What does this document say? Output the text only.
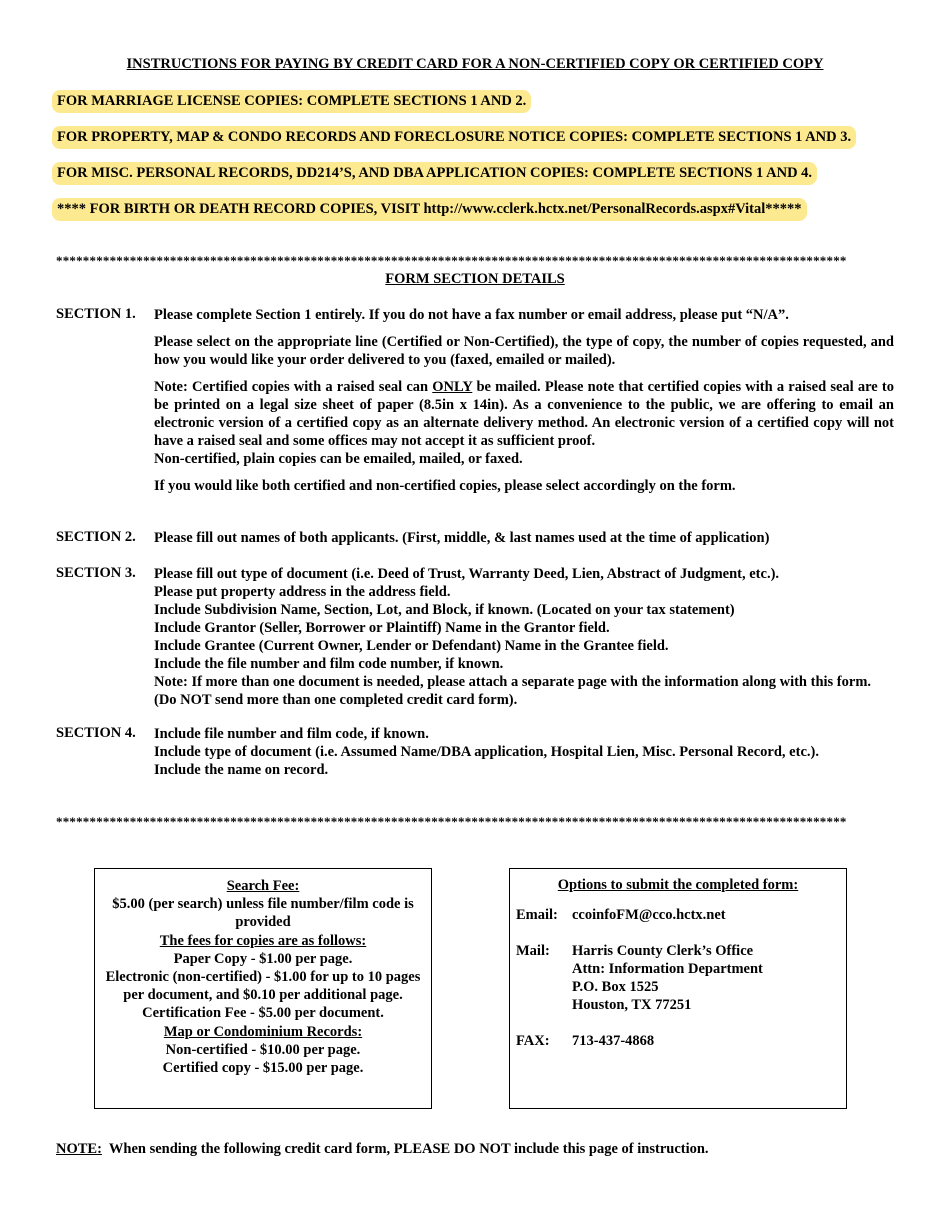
INSTRUCTIONS FOR PAYING BY CREDIT CARD FOR A NON-CERTIFIED COPY OR CERTIFIED COPY
FOR MARRIAGE LICENSE COPIES: COMPLETE SECTIONS 1 AND 2.
FOR PROPERTY, MAP & CONDO RECORDS AND FORECLOSURE NOTICE COPIES: COMPLETE SECTIONS 1 AND 3.
FOR MISC. PERSONAL RECORDS, DD214’S, AND DBA APPLICATION COPIES: COMPLETE SECTIONS 1 AND 4.
**** FOR BIRTH OR DEATH RECORD COPIES, VISIT http://www.cclerk.hctx.net/PersonalRecords.aspx#Vital*****
**********************************************************************************************************************
FORM SECTION DETAILS
SECTION 1. Please complete Section 1 entirely. If you do not have a fax number or email address, please put “N/A”.

Please select on the appropriate line (Certified or Non-Certified), the type of copy, the number of copies requested, and how you would like your order delivered to you (faxed, emailed or mailed).

Note: Certified copies with a raised seal can ONLY be mailed. Please note that certified copies with a raised seal are to be printed on a legal size sheet of paper (8.5in x 14in). As a convenience to the public, we are offering to email an electronic version of a certified copy as an alternate delivery method. An electronic version of a certified copy will not have a raised seal and some offices may not accept it as sufficient proof.

Non-certified, plain copies can be emailed, mailed, or faxed.

If you would like both certified and non-certified copies, please select accordingly on the form.

SECTION 2. Please fill out names of both applicants. (First, middle, & last names used at the time of application)
SECTION 3. Please fill out type of document (i.e. Deed of Trust, Warranty Deed, Lien, Abstract of Judgment, etc.).
Please put property address in the address field.
Include Subdivision Name, Section, Lot, and Block, if known. (Located on your tax statement)
Include Grantor (Seller, Borrower or Plaintiff) Name in the Grantor field.
Include Grantee (Current Owner, Lender or Defendant) Name in the Grantee field.
Include the file number and film code number, if known.
Note: If more than one document is needed, please attach a separate page with the information along with this form. (Do NOT send more than one completed credit card form).
SECTION 4. Include file number and film code, if known.
Include type of document (i.e. Assumed Name/DBA application, Hospital Lien, Misc. Personal Record, etc.).
Include the name on record.
**********************************************************************************************************************
Search Fee:
$5.00 (per search) unless file number/film code is provided
The fees for copies are as follows:
Paper Copy - $1.00 per page.
Electronic (non-certified) - $1.00 for up to 10 pages per document, and $0.10 per additional page.
Certification Fee - $5.00 per document.
Map or Condominium Records:
Non-certified - $10.00 per page.
Certified copy - $15.00 per page.
Options to submit the completed form:
Email: ccoinfoFM@cco.hctx.net
Mail:	Harris County Clerk’s Office
Attn: Information Department
P.O. Box 1525
Houston, TX 77251
FAX:	713-437-4868
NOTE:  When sending the following credit card form, PLEASE DO NOT include this page of instruction.
